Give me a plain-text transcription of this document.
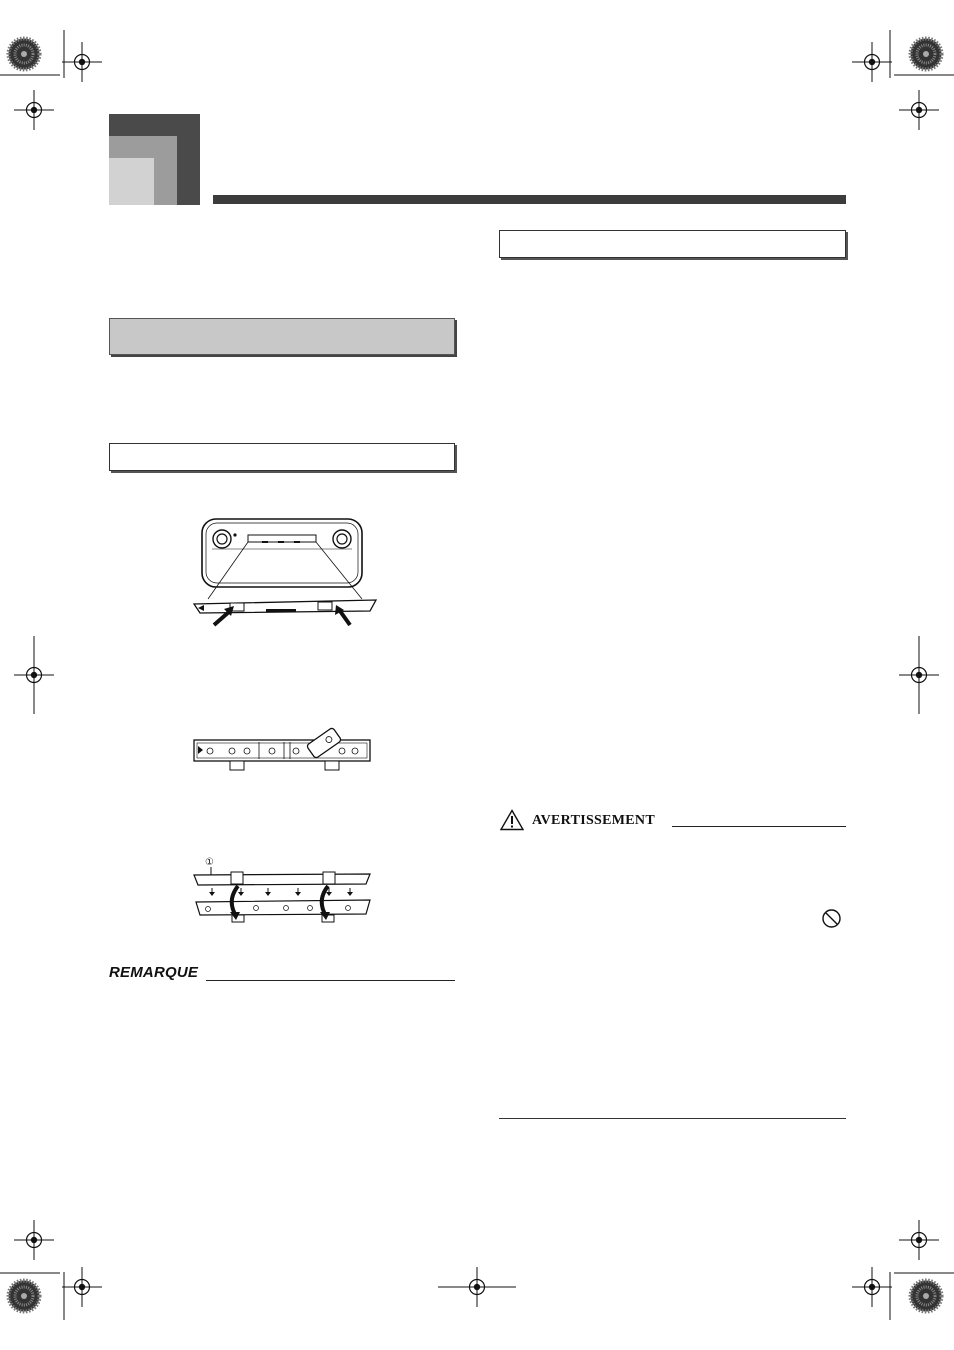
①
REMARQUE
AVERTISSEMENT
